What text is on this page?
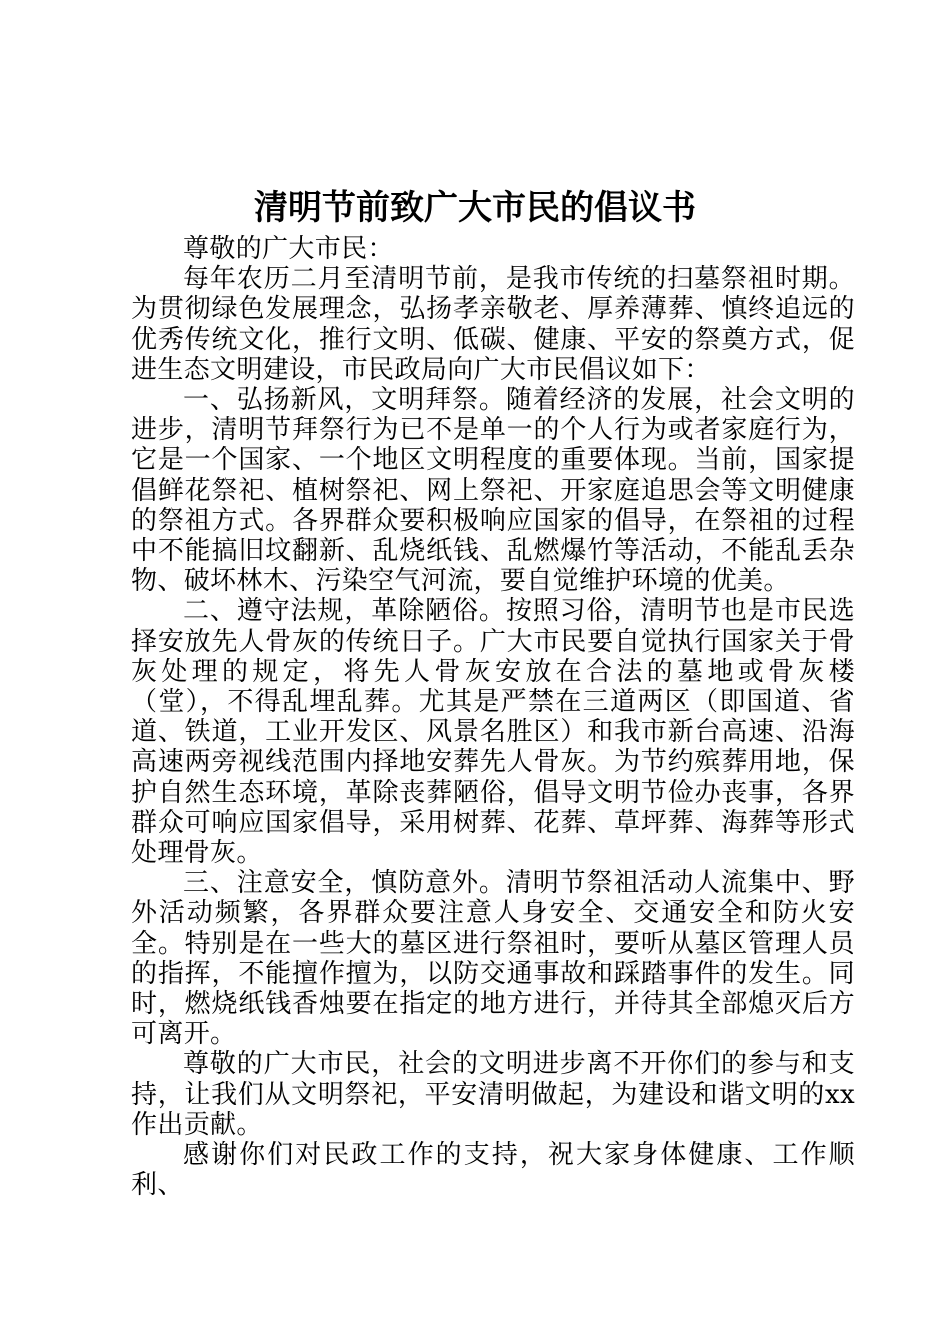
清明节前致广大市民的倡议书

尊敬的广大市民：

每年农历二月至清明节前，是我市传统的扫墓祭祖时期。为贯彻绿色发展理念，弘扬孝亲敬老、厚养薄葬、慎终追远的优秀传统文化，推行文明、低碳、健康、平安的祭奠方式，促进生态文明建设，市民政局向广大市民倡议如下：

一、弘扬新风，文明拜祭。随着经济的发展，社会文明的进步，清明节拜祭行为已不是单一的个人行为或者家庭行为，它是一个国家、一个地区文明程度的重要体现。当前，国家提倡鲜花祭祀、植树祭祀、网上祭祀、开家庭追思会等文明健康的祭祖方式。各界群众要积极响应国家的倡导，在祭祖的过程中不能搞旧坟翻新、乱烧纸钱、乱燃爆竹等活动，不能乱丢杂物、破坏林木、污染空气河流，要自觉维护环境的优美。

二、遵守法规，革除陋俗。按照习俗，清明节也是市民选择安放先人骨灰的传统日子。广大市民要自觉执行国家关于骨灰处理的规定，将先人骨灰安放在合法的墓地或骨灰楼（堂），不得乱埋乱葬。尤其是严禁在三道两区（即国道、省道、铁道，工业开发区、风景名胜区）和我市新台高速、沿海高速两旁视线范围内择地安葬先人骨灰。为节约殡葬用地，保护自然生态环境，革除丧葬陋俗，倡导文明节俭办丧事，各界群众可响应国家倡导，采用树葬、花葬、草坪葬、海葬等形式处理骨灰。

三、注意安全，慎防意外。清明节祭祖活动人流集中、野外活动频繁，各界群众要注意人身安全、交通安全和防火安全。特别是在一些大的墓区进行祭祖时，要听从墓区管理人员的指挥，不能擅作擅为，以防交通事故和踩踏事件的发生。同时，燃烧纸钱香烛要在指定的地方进行，并待其全部熄灭后方可离开。

尊敬的广大市民，社会的文明进步离不开你们的参与和支持，让我们从文明祭祀，平安清明做起，为建设和谐文明的xx作出贡献。

感谢你们对民政工作的支持，祝大家身体健康、工作顺利、
